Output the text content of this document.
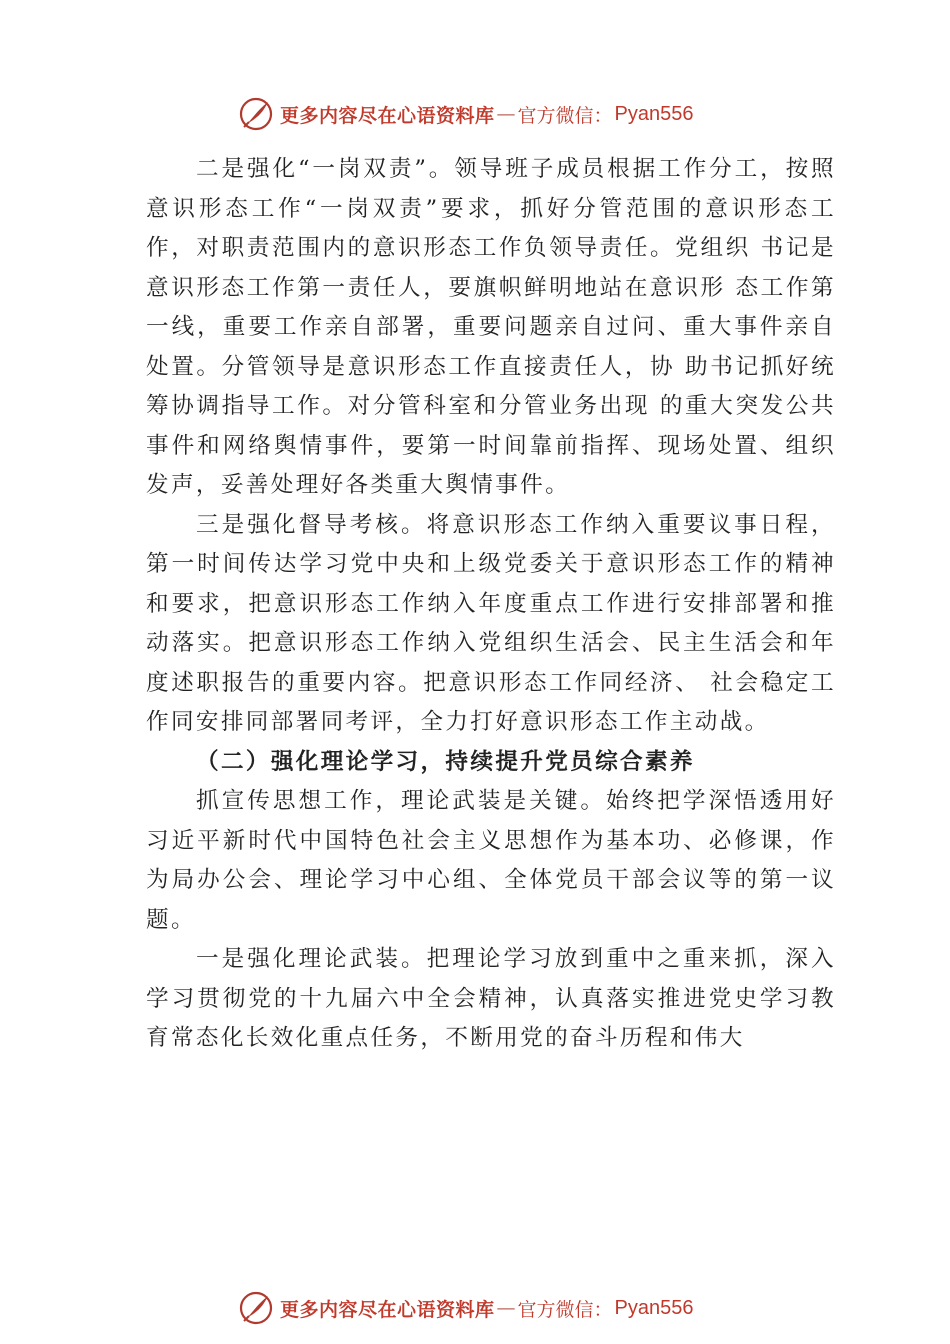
更多内容尽在心语资料库 — 官方微信： Pyan556

二是强化“一岗双责”。领导班子成员根据工作分工，按照意识形态工作“一岗双责”要求，抓好分管范围的意识形态工作，对职责范围内的意识形态工作负领导责任。党组织 书记是意识形态工作第一责任人，要旗帜鲜明地站在意识形 态工作第一线，重要工作亲自部署，重要问题亲自过问、重大事件亲自处置。分管领导是意识形态工作直接责任人，协 助书记抓好统筹协调指导工作。对分管科室和分管业务出现 的重大突发公共事件和网络舆情事件，要第一时间靠前指挥、现场处置、组织发声，妥善处理好各类重大舆情事件。

三是强化督导考核。将意识形态工作纳入重要议事日程，第一时间传达学习党中央和上级党委关于意识形态工作的精神和要求，把意识形态工作纳入年度重点工作进行安排部署和推动落实。把意识形态工作纳入党组织生活会、民主生活会和年度述职报告的重要内容。把意识形态工作同经济、 社会稳定工作同安排同部署同考评，全力打好意识形态工作主动战。

（二）强化理论学习，持续提升党员综合素养

抓宣传思想工作，理论武装是关键。始终把学深悟透用好习近平新时代中国特色社会主义思想作为基本功、必修课，作为局办公会、理论学习中心组、全体党员干部会议等的第一议题。

一是强化理论武装。把理论学习放到重中之重来抓，深入学习贯彻党的十九届六中全会精神，认真落实推进党史学习教育常态化长效化重点任务，不断用党的奋斗历程和伟大

更多内容尽在心语资料库 — 官方微信： Pyan556
